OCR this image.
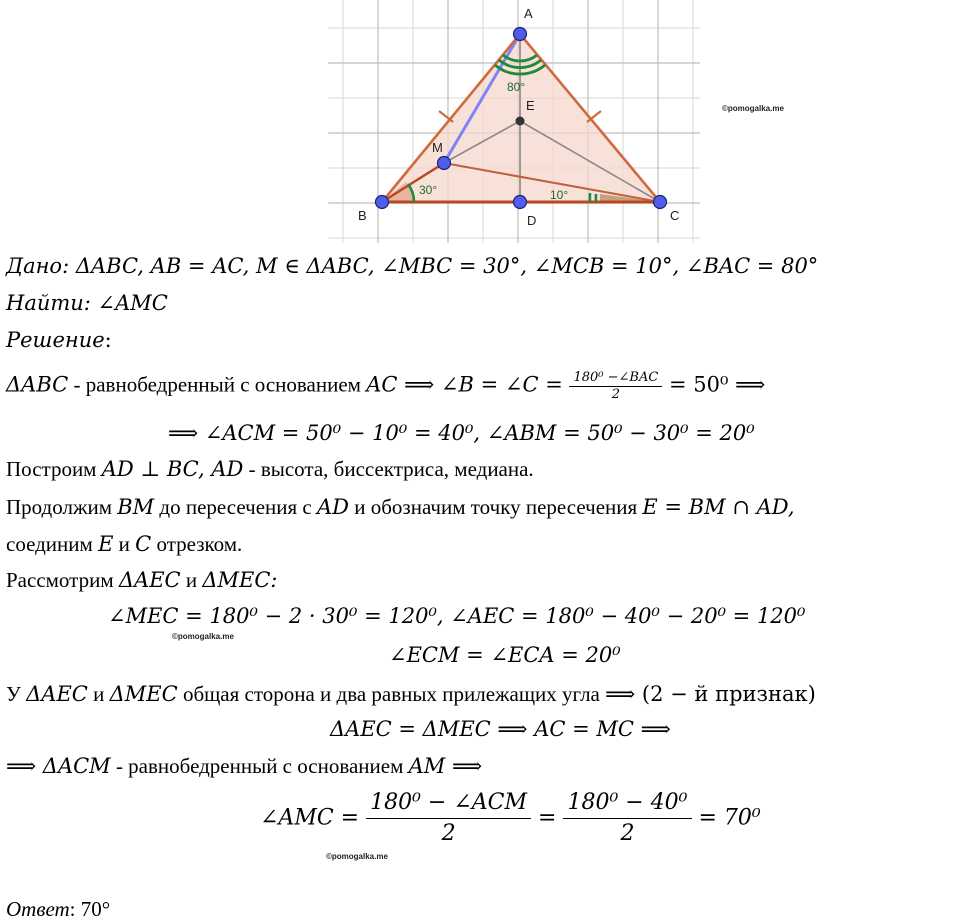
A
B	C
D
M
E
80°
30°	10°
©pomogalka.me
Дано: ΔABC, AB = AC, M ∈ ΔABC, ∠MBC = 30°, ∠MCB = 10°, ∠BAC = 80°
Найти: ∠AMC
Решение:
ΔABC - равнобедренный с основанием AC ⟹ ∠B = ∠C = $\frac{\text{180⁰ −∠BAC}}{2} = 50^0$ ⟹
⟹ ∠ACM = 50⁰ − 10⁰ = 40⁰, ∠ABM = 50⁰ − 30⁰ = 20⁰
Построим AD ⊥ BC, AD - высота, биссектриса, медиана.
Продолжим BM до пересечения с AD и обозначим точку пересечения E = BM ∩ AD,
соединим E и C отрезком.
Рассмотрим ΔAEC и ΔMEC:
∠MEC = 180⁰ − 2 · 30⁰ = 120⁰, ∠AEC = 180⁰ − 40⁰ − 20⁰ = 120⁰
©pomogalka.me
∠ECM = ∠ECA = 20⁰
У ΔAEC и ΔMEC общая сторона и два равных прилежащих угла ⟹ (2 − й признак)
ΔAEC = ΔMEC ⟹ AC = MC ⟹
⟹ ΔACM - равнобедренный с основанием AM ⟹
∠AMC = $\frac{\text{180⁰ − ∠ACM}}{2} = \frac{\text{180⁰ − 40⁰}}{2} = 70^0$
©pomogalka.me
Ответ: 70°
